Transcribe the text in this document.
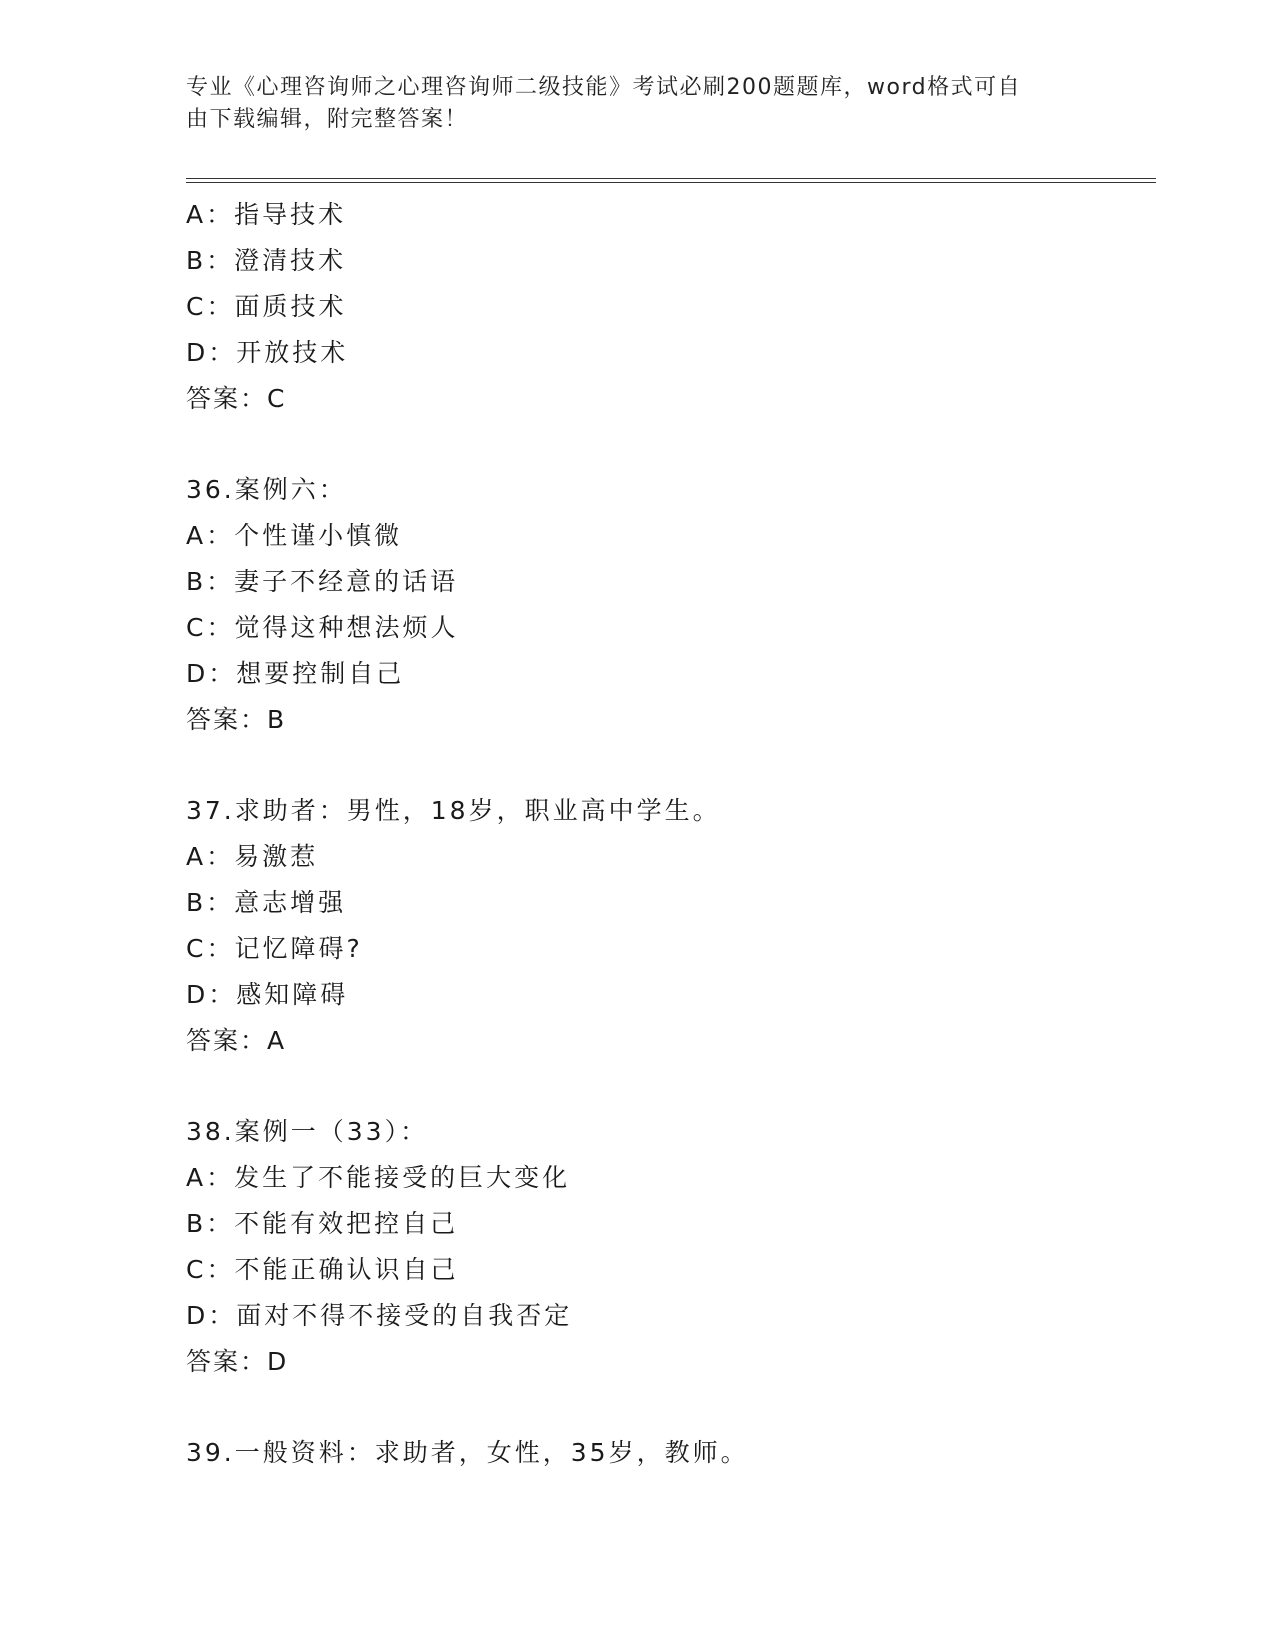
专业《心理咨询师之心理咨询师二级技能》考试必刷200题题库，word格式可自
由下载编辑，附完整答案！
A：指导技术
B：澄清技术
C：面质技术
D：开放技术
答案：C
36.案例六：
A：个性谨小慎微
B：妻子不经意的话语
C：觉得这种想法烦人
D：想要控制自己
答案：B
37.求助者：男性，18岁，职业高中学生。
A：易激惹
B：意志增强
C：记忆障碍?
D：感知障碍
答案：A
38.案例一（33）：
A：发生了不能接受的巨大变化
B：不能有效把控自己
C：不能正确认识自己
D：面对不得不接受的自我否定
答案：D
39.一般资料：求助者，女性，35岁，教师。
